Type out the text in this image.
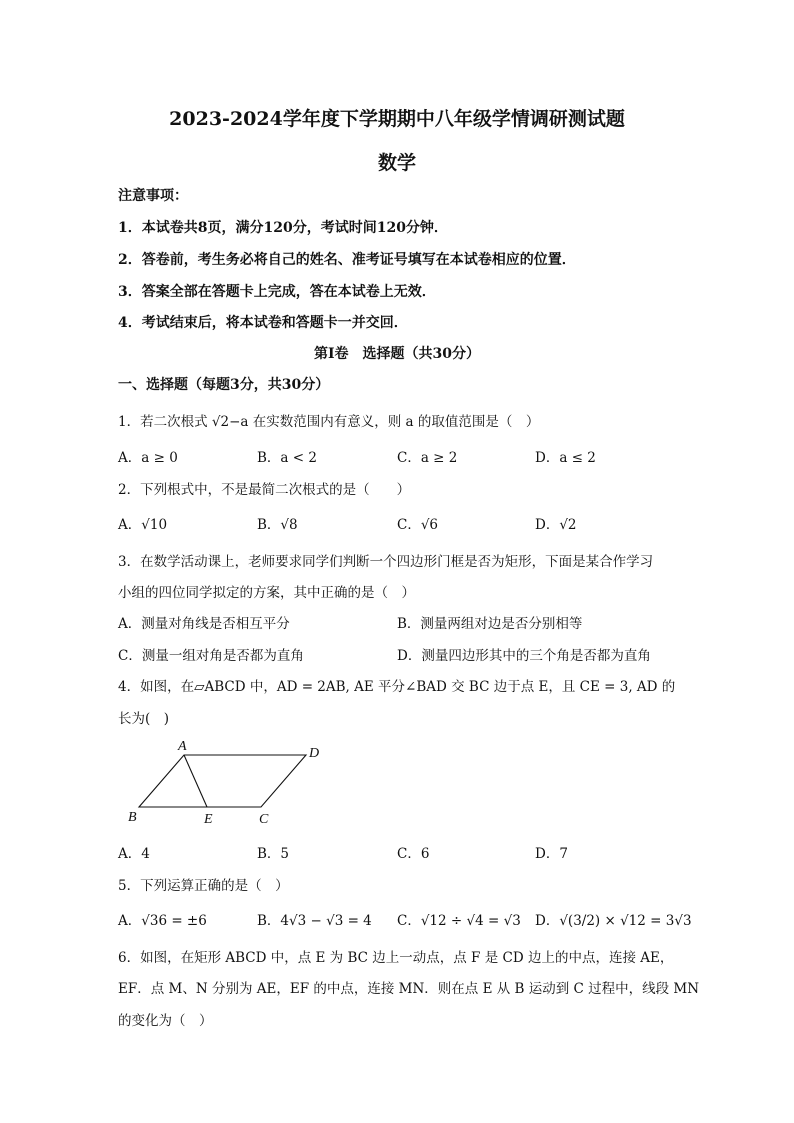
2023-2024学年度下学期期中八年级学情调研测试题
数学
注意事项：
1．本试卷共8页，满分120分，考试时间120分钟．
2．答卷前，考生务必将自己的姓名、准考证号填写在本试卷相应的位置．
3．答案全部在答题卡上完成，答在本试卷上无效．
4．考试结束后，将本试卷和答题卡一并交回．
第Ⅰ卷　选择题（共30分）
一、选择题（每题3分，共30分）
1．若二次根式 √2−a 在实数范围内有意义，则 a 的取值范围是（　）
A．a ≥ 0	B．a < 2	C．a ≥ 2	D．a ≤ 2
2．下列根式中，不是最简二次根式的是（　　）
A．√10	B．√8	C．√6	D．√2
3．在数学活动课上，老师要求同学们判断一个四边形门框是否为矩形，下面是某合作学习
小组的四位同学拟定的方案，其中正确的是（　）
A．测量对角线是否相互平分	B．测量两组对边是否分别相等
C．测量一组对角是否都为直角	D．测量四边形其中的三个角是否都为直角
4．如图，在▱ABCD 中，AD = 2AB, AE 平分∠BAD 交 BC 边于点 E，且 CE = 3, AD 的
长为(　)
A	D
B	E	C
A．4	B．5	C．6	D．7
5．下列运算正确的是（　）
A．√36 = ±6	B．4√3 − √3 = 4 C．√12 ÷ √4 = √3 D．√(3/2) × √12 = 3√3
6．如图，在矩形 ABCD 中，点 E 为 BC 边上一动点，点 F 是 CD 边上的中点，连接 AE，
EF．点 M、N 分别为 AE，EF 的中点，连接 MN．则在点 E 从 B 运动到 C 过程中，线段 MN
的变化为（　）
